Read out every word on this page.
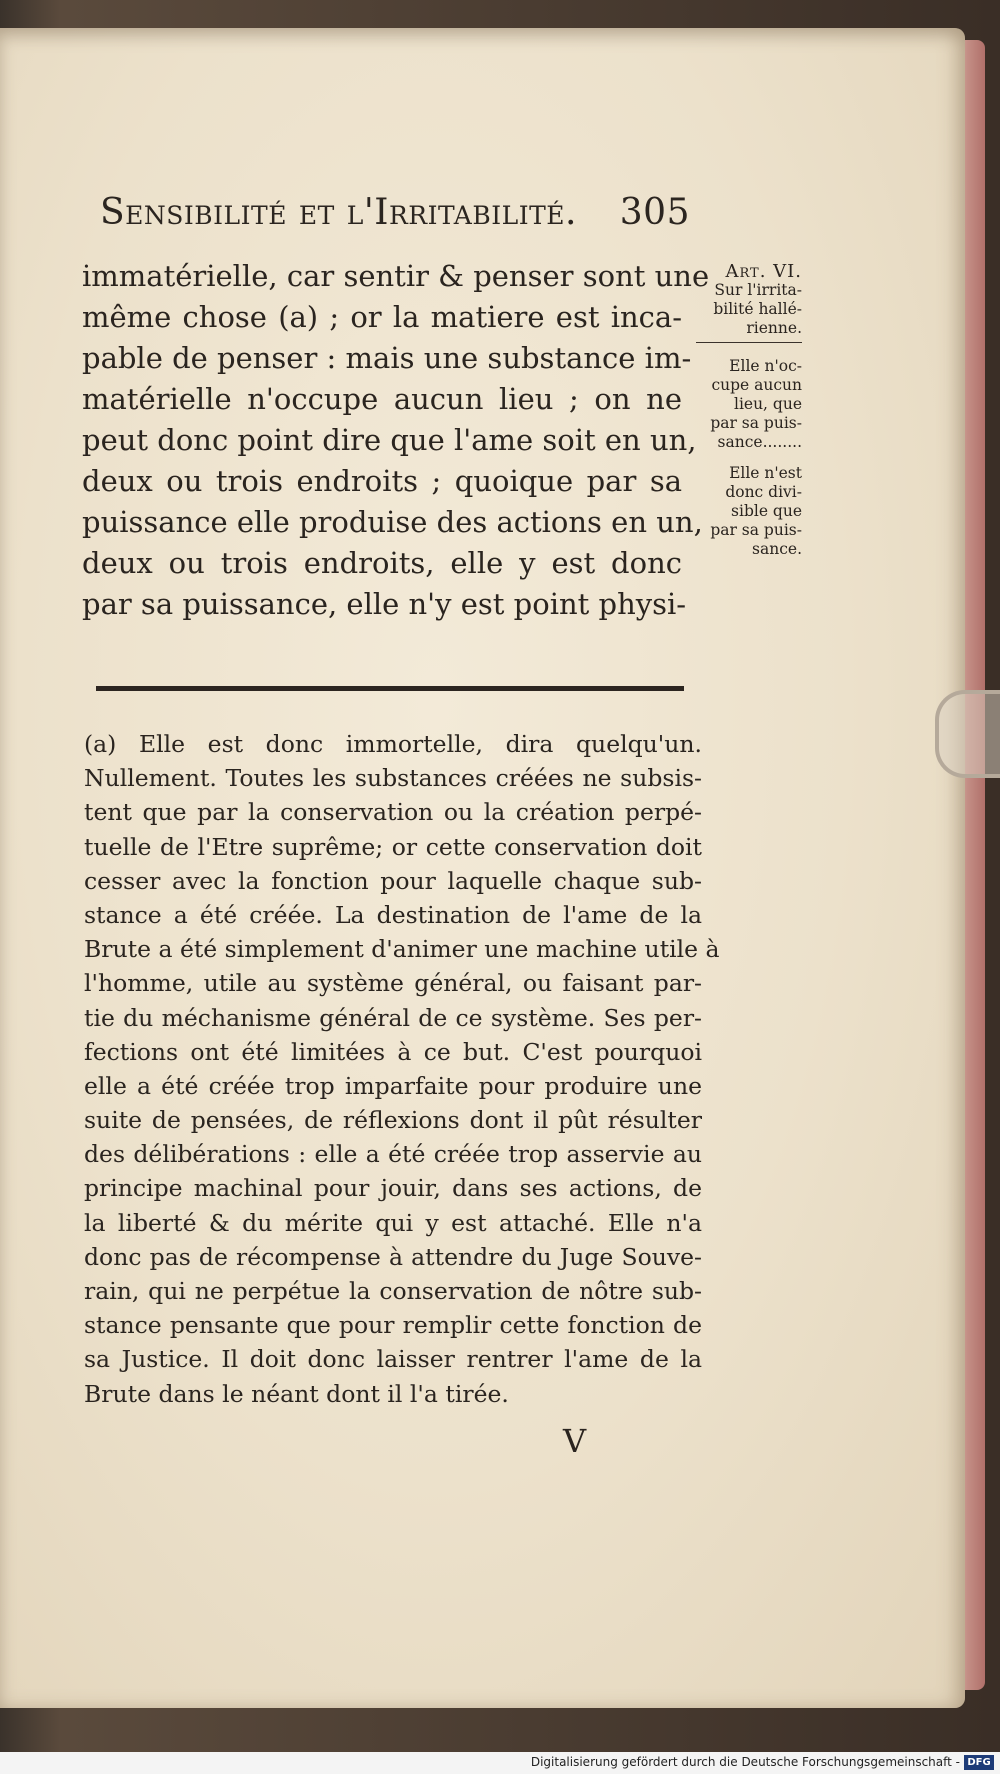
Sensibilité et l'Irritabilité. 305
immatérielle, car sentir & penser sont une
même chose (a) ; or la matiere est inca-
pable de penser : mais une substance im-
matérielle n'occupe aucun lieu ; on ne
peut donc point dire que l'ame soit en un,
deux ou trois endroits ; quoique par sa
puissance elle produise des actions en un,
deux ou trois endroits, elle y est donc
par sa puissance, elle n'y est point physi-
Art. VI.
Sur l'irrita-
bilité hallé-
rienne.
Elle n'oc-
cupe aucun
lieu, que
par sa puis-
sance........
Elle n'est
donc divi-
sible que
par sa puis-
sance.
(a) Elle est donc immortelle, dira quelqu'un.
Nullement. Toutes les substances créées ne subsis-
tent que par la conservation ou la création perpé-
tuelle de l'Etre suprême; or cette conservation doit
cesser avec la fonction pour laquelle chaque sub-
stance a été créée. La destination de l'ame de la
Brute a été simplement d'animer une machine utile à
l'homme, utile au système général, ou faisant par-
tie du méchanisme général de ce système. Ses per-
fections ont été limitées à ce but. C'est pourquoi
elle a été créée trop imparfaite pour produire une
suite de pensées, de réflexions dont il pût résulter
des délibérations : elle a été créée trop asservie au
principe machinal pour jouir, dans ses actions, de
la liberté & du mérite qui y est attaché. Elle n'a
donc pas de récompense à attendre du Juge Souve-
rain, qui ne perpétue la conservation de nôtre sub-
stance pensante que pour remplir cette fonction de
sa Justice. Il doit donc laisser rentrer l'ame de la
Brute dans le néant dont il l'a tirée.
V
Digitalisierung gefördert durch die Deutsche Forschungsgemeinschaft - DFG
